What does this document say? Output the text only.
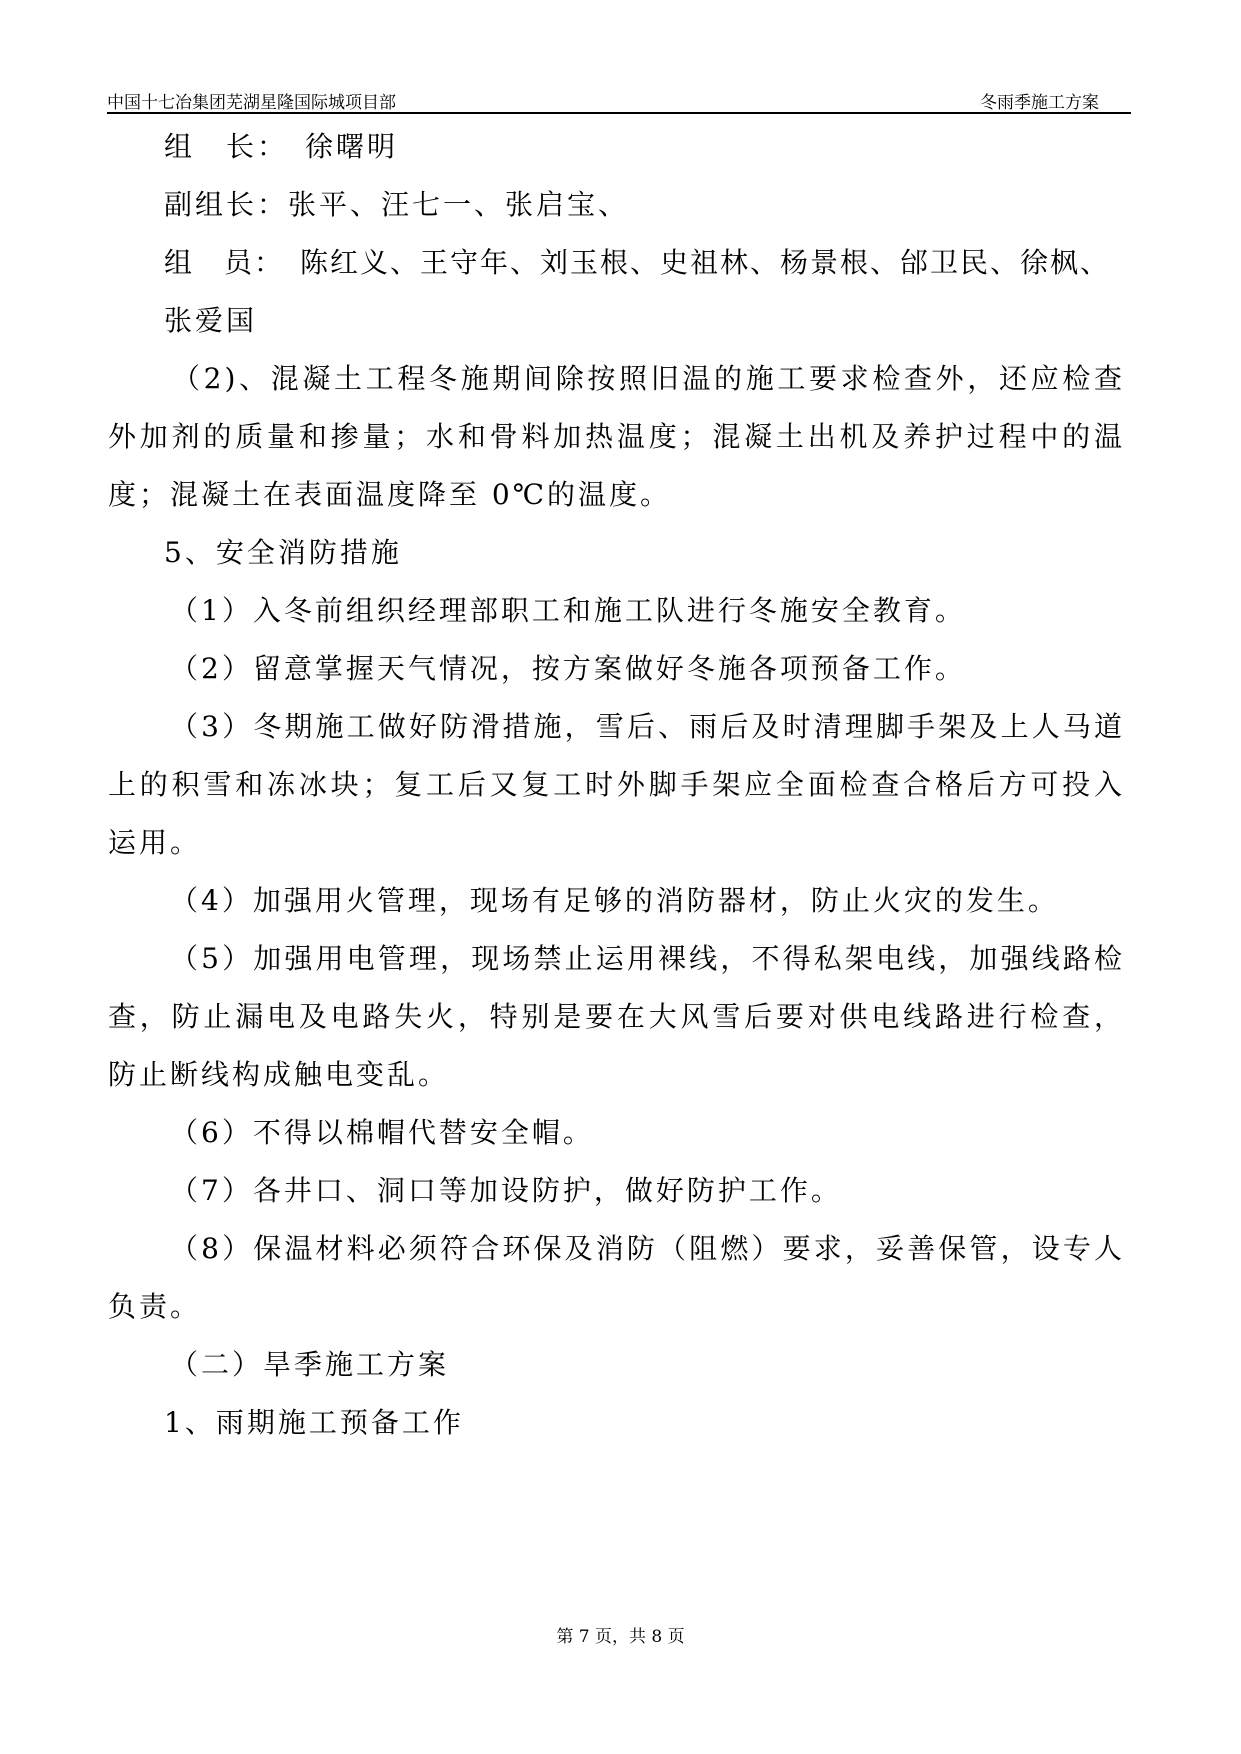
中国十七冶集团芜湖星隆国际城项目部	冬雨季施工方案
组　长：　徐曙明
副组长：张平、汪七一、张启宝、
组　员：　陈红义、王守年、刘玉根、史祖林、杨景根、邰卫民、徐枫、
张爱国

（2)、混凝土工程冬施期间除按照旧温的施工要求检查外，还应检查外加剂的质量和掺量；水和骨料加热温度；混凝土出机及养护过程中的温度；混凝土在表面温度降至 0℃的温度。

5、安全消防措施
（1）入冬前组织经理部职工和施工队进行冬施安全教育。
（2）留意掌握天气情况，按方案做好冬施各项预备工作。

（3）冬期施工做好防滑措施，雪后、雨后及时清理脚手架及上人马道上的积雪和冻冰块；复工后又复工时外脚手架应全面检查合格后方可投入运用。

（4）加强用火管理，现场有足够的消防器材，防止火灾的发生。

（5）加强用电管理，现场禁止运用裸线，不得私架电线，加强线路检查，防止漏电及电路失火，特别是要在大风雪后要对供电线路进行检查，防止断线构成触电变乱。

（6）不得以棉帽代替安全帽。
（7）各井口、洞口等加设防护，做好防护工作。

（8）保温材料必须符合环保及消防（阻燃）要求，妥善保管，设专人负责。

（二）旱季施工方案
1、雨期施工预备工作
第 7 页，共 8 页
